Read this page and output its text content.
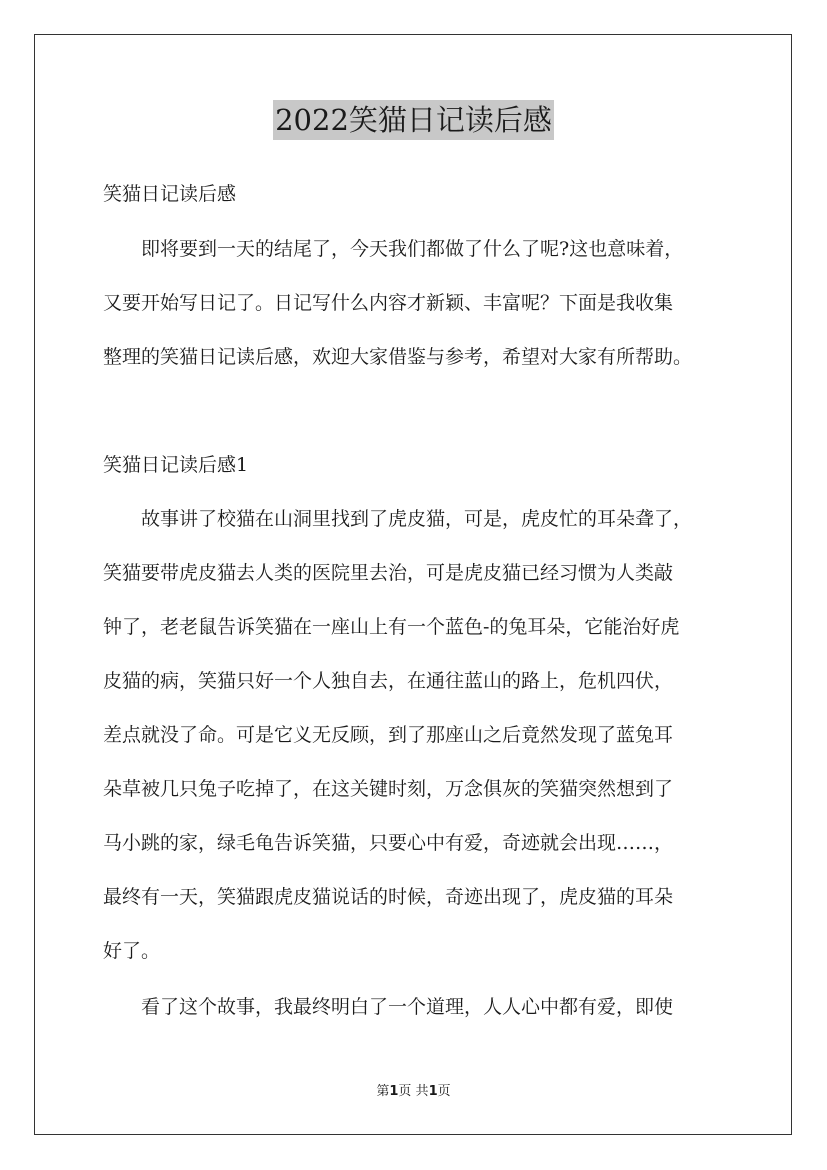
2022笑猫日记读后感
笑猫日记读后感
即将要到一天的结尾了，今天我们都做了什么了呢?这也意味着，
又要开始写日记了。日记写什么内容才新颖、丰富呢？下面是我收集
整理的笑猫日记读后感，欢迎大家借鉴与参考，希望对大家有所帮助。
笑猫日记读后感1
故事讲了校猫在山洞里找到了虎皮猫，可是，虎皮忙的耳朵聋了，
笑猫要带虎皮猫去人类的医院里去治，可是虎皮猫已经习惯为人类敲
钟了，老老鼠告诉笑猫在一座山上有一个蓝色-的兔耳朵，它能治好虎
皮猫的病，笑猫只好一个人独自去，在通往蓝山的路上，危机四伏，
差点就没了命。可是它义无反顾，到了那座山之后竟然发现了蓝兔耳
朵草被几只兔子吃掉了，在这关键时刻，万念俱灰的笑猫突然想到了
马小跳的家，绿毛龟告诉笑猫，只要心中有爱，奇迹就会出现……，
最终有一天，笑猫跟虎皮猫说话的时候，奇迹出现了，虎皮猫的耳朵
好了。
看了这个故事，我最终明白了一个道理，人人心中都有爱，即使
第1页 共1页
